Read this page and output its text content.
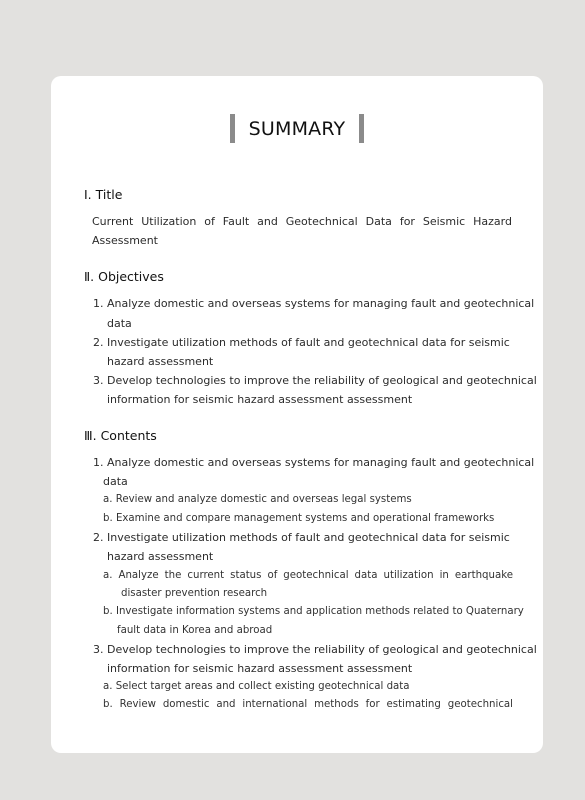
SUMMARY
Ⅰ. Title
Current Utilization of Fault and Geotechnical Data for Seismic Hazard
Assessment
Ⅱ. Objectives
1. Analyze domestic and overseas systems for managing fault and geotechnical
data
2. Investigate utilization methods of fault and geotechnical data for seismic
hazard assessment
3. Develop technologies to improve the reliability of geological and geotechnical
information for seismic hazard assessment assessment
Ⅲ. Contents
1. Analyze domestic and overseas systems for managing fault and geotechnical
data
a. Review and analyze domestic and overseas legal systems
b. Examine and compare management systems and operational frameworks
2. Investigate utilization methods of fault and geotechnical data for seismic
hazard assessment
a. Analyze the current status of geotechnical data utilization in earthquake
disaster prevention research
b. Investigate information systems and application methods related to Quaternary
fault data in Korea and abroad
3. Develop technologies to improve the reliability of geological and geotechnical
information for seismic hazard assessment assessment
a. Select target areas and collect existing geotechnical data
b. Review domestic and international methods for estimating geotechnical
